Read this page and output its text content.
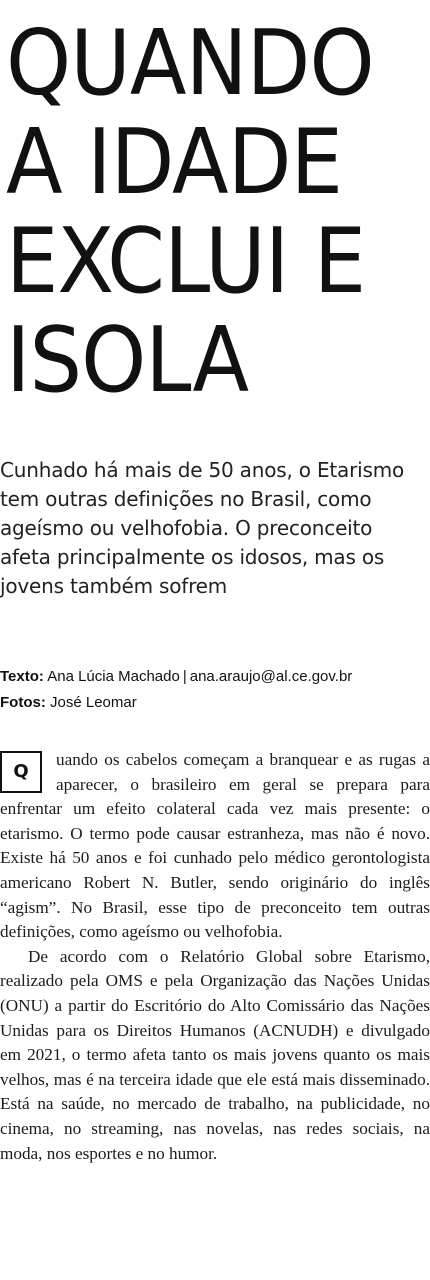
QUANDO
A IDADE
EXCLUI E
ISOLA

Cunhado há mais de 50 anos, o Etarismo tem outras definições no Brasil, como ageísmo ou velhofobia. O preconceito afeta principalmente os idosos, mas os jovens também sofrem

Texto: Ana Lúcia Machado | ana.araujo@al.ce.gov.br
Fotos: José Leomar

Q
uando os cabelos começam a branquear e as rugas a aparecer, o brasileiro em geral se prepara para enfrentar um efeito colateral cada vez mais presente: o etarismo. O termo pode causar estranheza, mas não é novo. Existe há 50 anos e foi cunhado pelo médico gerontologista americano Robert N. Butler, sendo originário do inglês “agism”. No Brasil, esse tipo de preconceito tem outras definições, como ageísmo ou velhofobia.

De acordo com o Relatório Global sobre Etarismo, realizado pela OMS e pela Organização das Nações Unidas (ONU) a partir do Escritório do Alto Comissário das Nações Unidas para os Direitos Humanos (ACNUDH) e divulgado em 2021, o termo afeta tanto os mais jovens quanto os mais velhos, mas é na terceira idade que ele está mais disseminado. Está na saúde, no mercado de trabalho, na publicidade, no cinema, no streaming, nas novelas, nas redes sociais, na moda, nos esportes e no humor.
